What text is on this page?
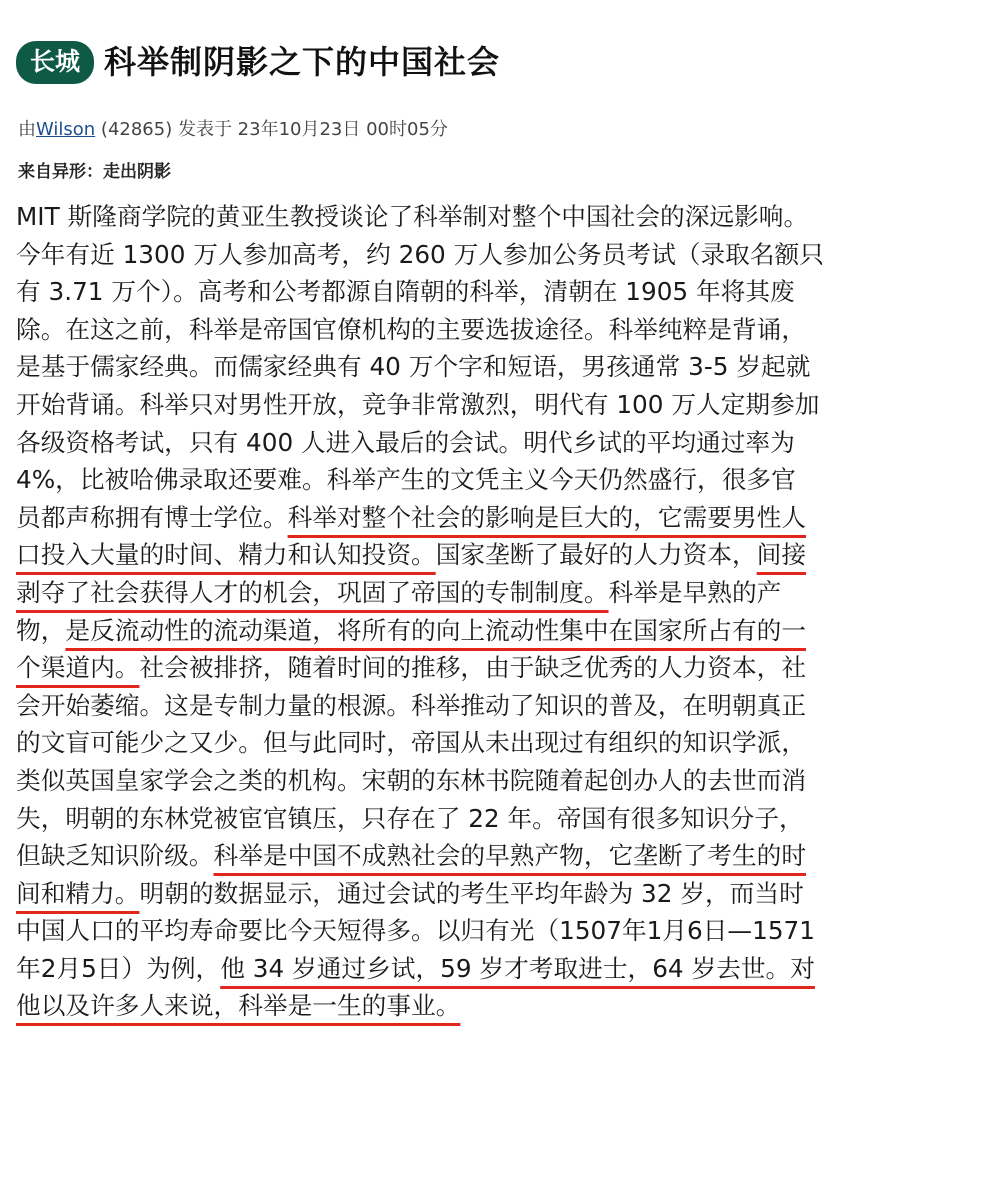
长城 科举制阴影之下的中国社会
由Wilson (42865) 发表于 23年10月23日 00时05分
来自异形：走出阴影
MIT 斯隆商学院的黄亚生教授谈论了科举制对整个中国社会的深远影响。
今年有近 1300 万人参加高考，约 260 万人参加公务员考试（录取名额只
有 3.71 万个）。高考和公考都源自隋朝的科举，清朝在 1905 年将其废
除。在这之前，科举是帝国官僚机构的主要选拔途径。科举纯粹是背诵，
是基于儒家经典。而儒家经典有 40 万个字和短语，男孩通常 3-5 岁起就
开始背诵。科举只对男性开放，竞争非常激烈，明代有 100 万人定期参加
各级资格考试，只有 400 人进入最后的会试。明代乡试的平均通过率为
4%，比被哈佛录取还要难。科举产生的文凭主义今天仍然盛行，很多官
员都声称拥有博士学位。科举对整个社会的影响是巨大的，它需要男性人
口投入大量的时间、精力和认知投资。国家垄断了最好的人力资本，间接
剥夺了社会获得人才的机会，巩固了帝国的专制制度。科举是早熟的产
物，是反流动性的流动渠道，将所有的向上流动性集中在国家所占有的一
个渠道内。社会被排挤，随着时间的推移，由于缺乏优秀的人力资本，社
会开始萎缩。这是专制力量的根源。科举推动了知识的普及，在明朝真正
的文盲可能少之又少。但与此同时，帝国从未出现过有组织的知识学派，
类似英国皇家学会之类的机构。宋朝的东林书院随着起创办人的去世而消
失，明朝的东林党被宦官镇压，只存在了 22 年。帝国有很多知识分子，
但缺乏知识阶级。科举是中国不成熟社会的早熟产物，它垄断了考生的时
间和精力。明朝的数据显示，通过会试的考生平均年龄为 32 岁，而当时
中国人口的平均寿命要比今天短得多。以归有光（1507年1月6日—1571
年2月5日）为例，他 34 岁通过乡试，59 岁才考取进士，64 岁去世。对
他以及许多人来说，科举是一生的事业。
